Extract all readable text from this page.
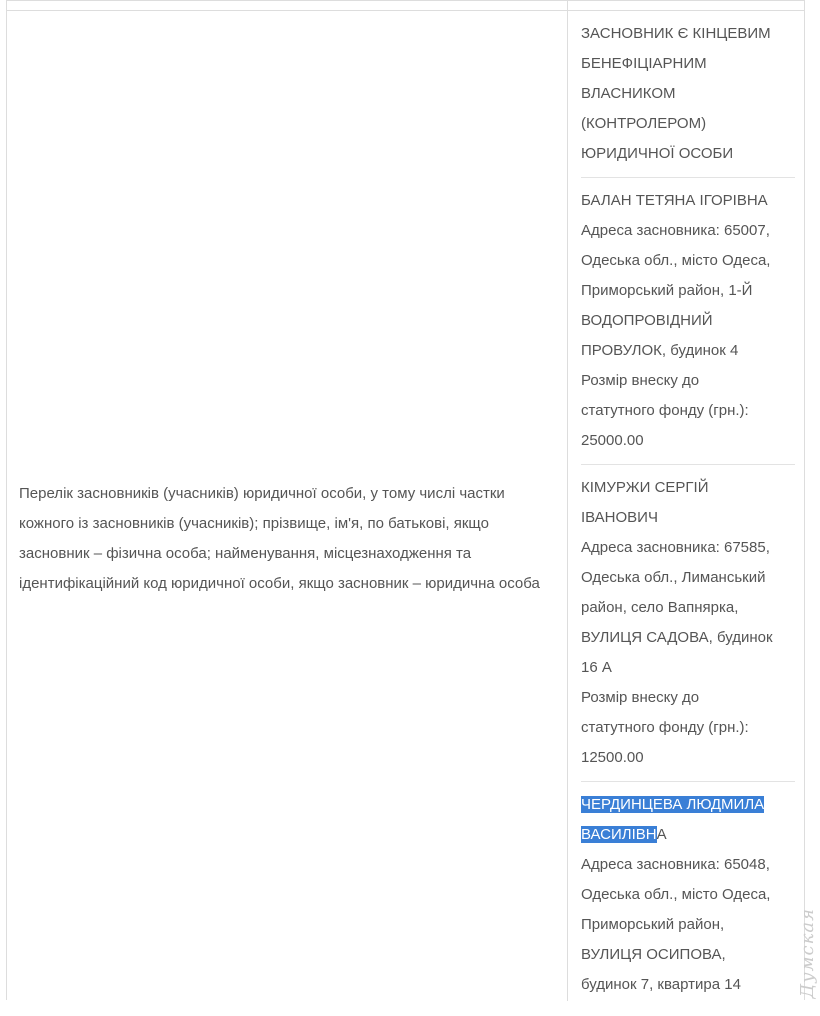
Перелік засновників (учасників) юридичної особи, у тому числі частки кожного із засновників (учасників); прізвище, ім'я, по батькові, якщо засновник – фізична особа; найменування, місцезнаходження та ідентифікаційний код юридичної особи, якщо засновник – юридична особа
ЗАСНОВНИК Є КІНЦЕВИМ
БЕНЕФІЦІАРНИМ
ВЛАСНИКОМ
(КОНТРОЛЕРОМ)
ЮРИДИЧНОЇ ОСОБИ
БАЛАН ТЕТЯНА ІГОРІВНА
Адреса засновника: 65007,
Одеська обл., місто Одеса,
Приморський район, 1-Й
ВОДОПРОВІДНИЙ
ПРОВУЛОК, будинок 4
Розмір внеску до
статутного фонду (грн.):
25000.00
КІМУРЖИ СЕРГІЙ
ІВАНОВИЧ
Адреса засновника: 67585,
Одеська обл., Лиманський
район, село Вапнярка,
ВУЛИЦЯ САДОВА, будинок
16 А
Розмір внеску до
статутного фонду (грн.):
12500.00
ЧЕРДИНЦЕВА ЛЮДМИЛА
ВАСИЛІВНА
Адреса засновника: 65048,
Одеська обл., місто Одеса,
Приморський район,
ВУЛИЦЯ ОСИПОВА,
будинок 7, квартира 14	Думская
